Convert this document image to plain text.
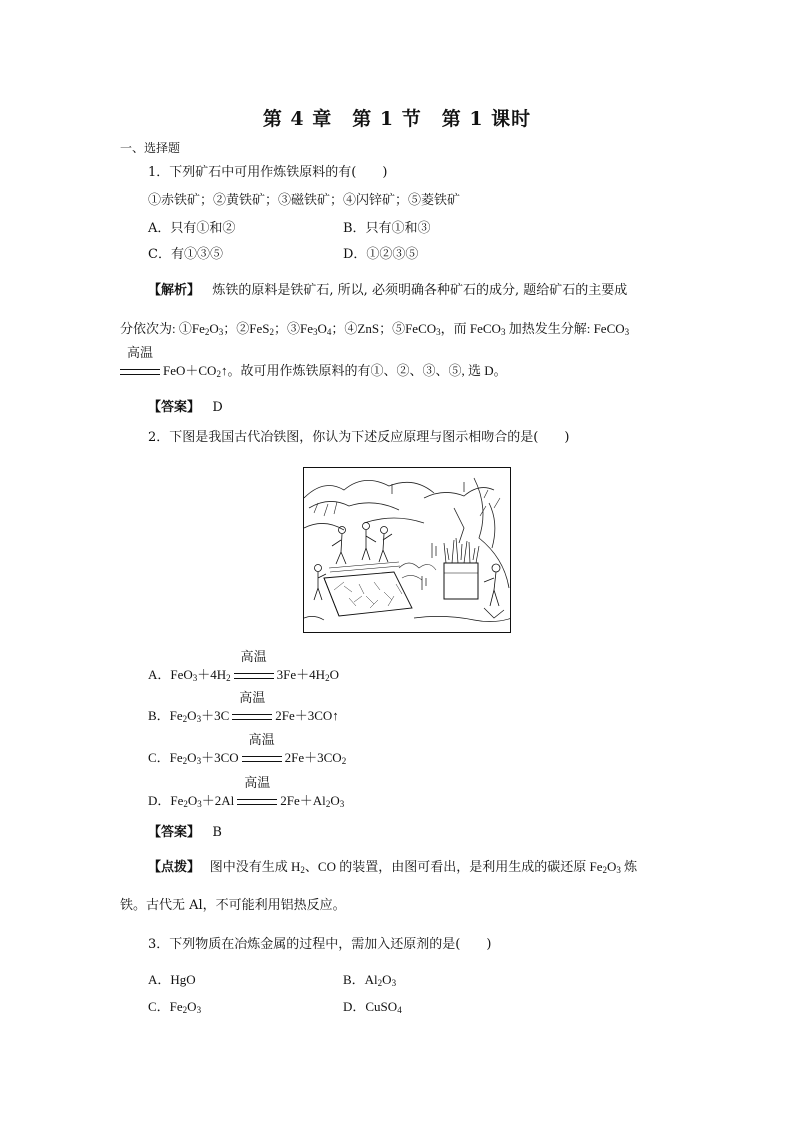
第 4 章　第 1 节　第 1 课时
一、选择题
1．下列矿石中可用作炼铁原料的有(　　)
①赤铁矿；②黄铁矿；③磁铁矿；④闪锌矿；⑤菱铁矿
A．只有①和②	B．只有①和③
C．有①③⑤	D．①②③⑤
【解析】 炼铁的原料是铁矿石, 所以, 必须明确各种矿石的成分, 题给矿石的主要成
分依次为: $①Fe_2O_3$；②FeS$_2$；$③Fe_3O_4$；④ZnS；⑤FeCO$_3$，而 FeCO$_3$ 加热发生分解: FeCO$_3$
高温
$FeO+CO_2↑$。故可用作炼铁原料的有①、②、③、⑤, 选 D。
【答案】 D
2．下图是我国古代冶铁图，你认为下述反应原理与图示相吻合的是(　　)
A．$FeO_3+4H_2$
高温
$3Fe+4H_2O$
B．$Fe_2O_3+3C$
高温
2Fe＋3CO↑
C．$Fe_2O_3+3CO$
高温
$2Fe+3CO_2$
D．$Fe_2O_3+2Al$
高温
$2Fe+Al_2O_3$
【答案】 B
【点拨】 图中没有生成 $H_2$、CO 的装置，由图可看出，是利用生成的碳还原 $Fe_2O_3$ 炼
铁。古代无 Al，不可能利用铝热反应。
3．下列物质在冶炼金属的过程中，需加入还原剂的是(　　)
A．HgO	B．$Al_2O_3$
C．$Fe_2O_3$	D．CuSO$_4$
